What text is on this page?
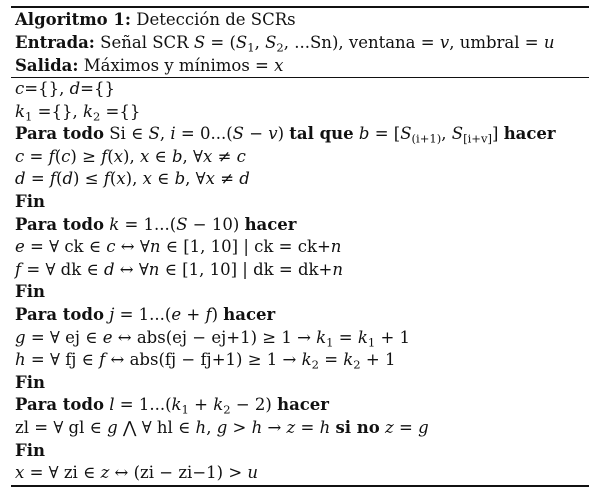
Algoritmo 1: Detección de SCRs
Entrada: Señal SCR $S = (S_1$, $S_2$, ...Sn), ventana = v, umbral = u
Salida: Máximos y mínimos = x
c={}, d={}
$k_1$ ={}, $k_2$ ={}
Para todo Si ∈ S, i = 0...(S − v) tal que $b = [S_{(i+1)}$, $S_{[i+v]}$] hacer
c = f(c) ≥ f(x), x ∈ b, ∀x ≠ c
d = f(d) ≤ f(x), x ∈ b, ∀x ≠ d
Fin
Para todo k = 1...(S − 10) hacer
e = ∀ ck ∈ c ↔ ∀n ∈ [1, 10] | ck = ck+n
f = ∀ dk ∈ d ↔ ∀n ∈ [1, 10] | dk = dk+n
Fin
Para todo j = 1...(e + f) hacer
g = ∀ ej ∈ e ↔ $abs(ej - ej+1) \ge 1 \to k_1 = k_1 + 1$
h = ∀ fj ∈ f ↔ $abs(fj - fj+1) \ge 1 \to k_2 = k_2 + 1$
Fin
Para todo $l = 1...(k_1 + k_2 - 2)$ hacer
zl = ∀ gl ∈ g ⋀ ∀ hl ∈ h, g > h → z = h si no z = g
Fin
x = ∀ zi ∈ z ↔ (zi − zi−1) > u
